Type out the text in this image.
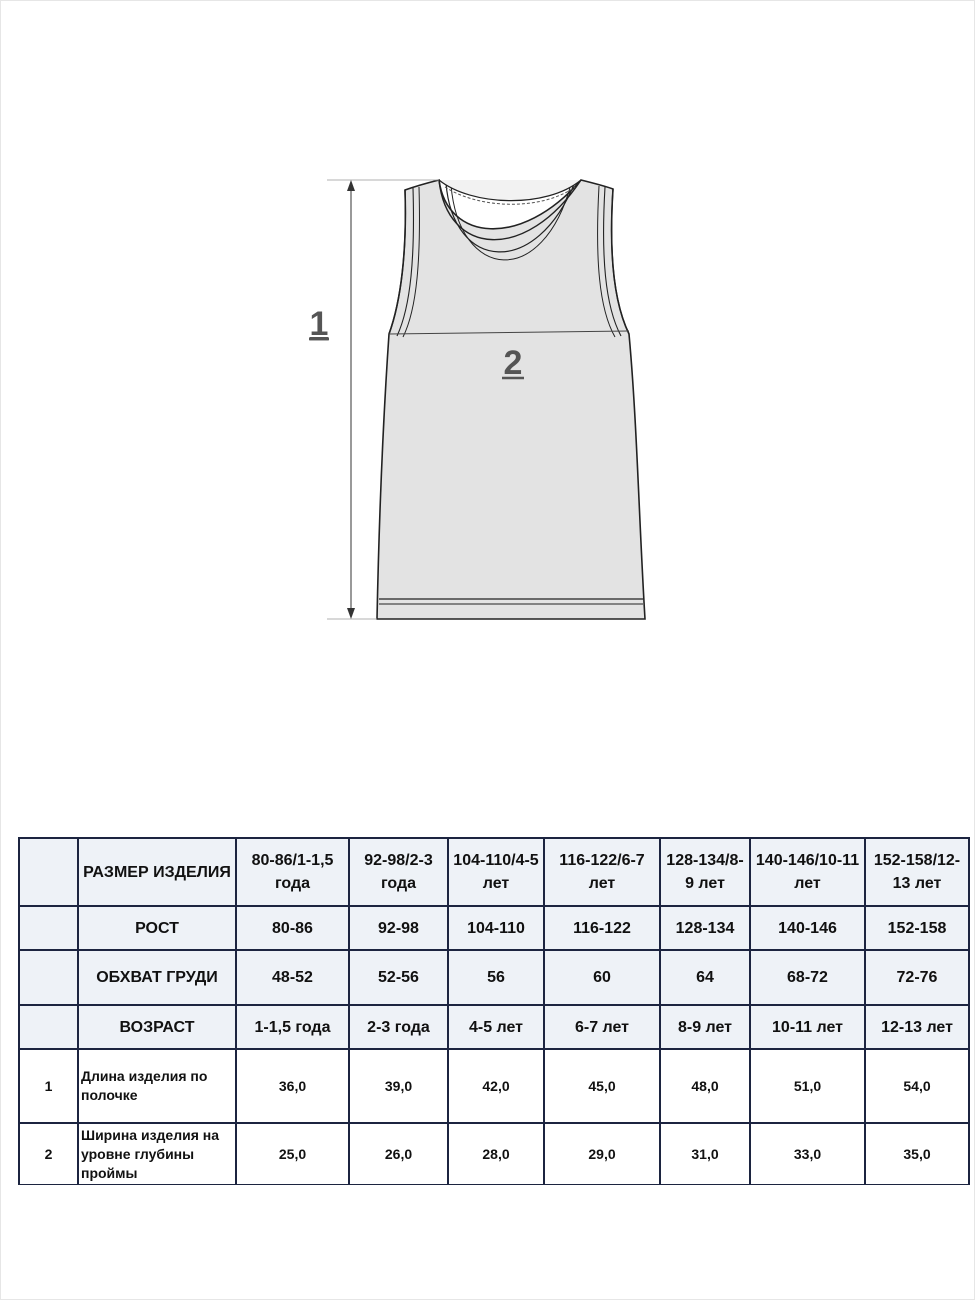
1
2
	РАЗМЕР ИЗДЕЛИЯ	80-86/1-1,5 года	92-98/2-3 года	104-110/4-5 лет	116-122/6-7 лет	128-134/8-9 лет	140-146/10-11 лет	152-158/12-13 лет
	РОСТ	80-86	92-98	104-110	116-122	128-134	140-146	152-158
	ОБХВАТ ГРУДИ	48-52	52-56	56	60	64	68-72	72-76
	ВОЗРАСТ	1-1,5 года	2-3 года	4-5 лет	6-7 лет	8-9 лет	10-11 лет	12-13 лет
1	Длина изделия по полочке	36,0	39,0	42,0	45,0	48,0	51,0	54,0
2	Ширина изделия на уровне глубины проймы	25,0	26,0	28,0	29,0	31,0	33,0	35,0
